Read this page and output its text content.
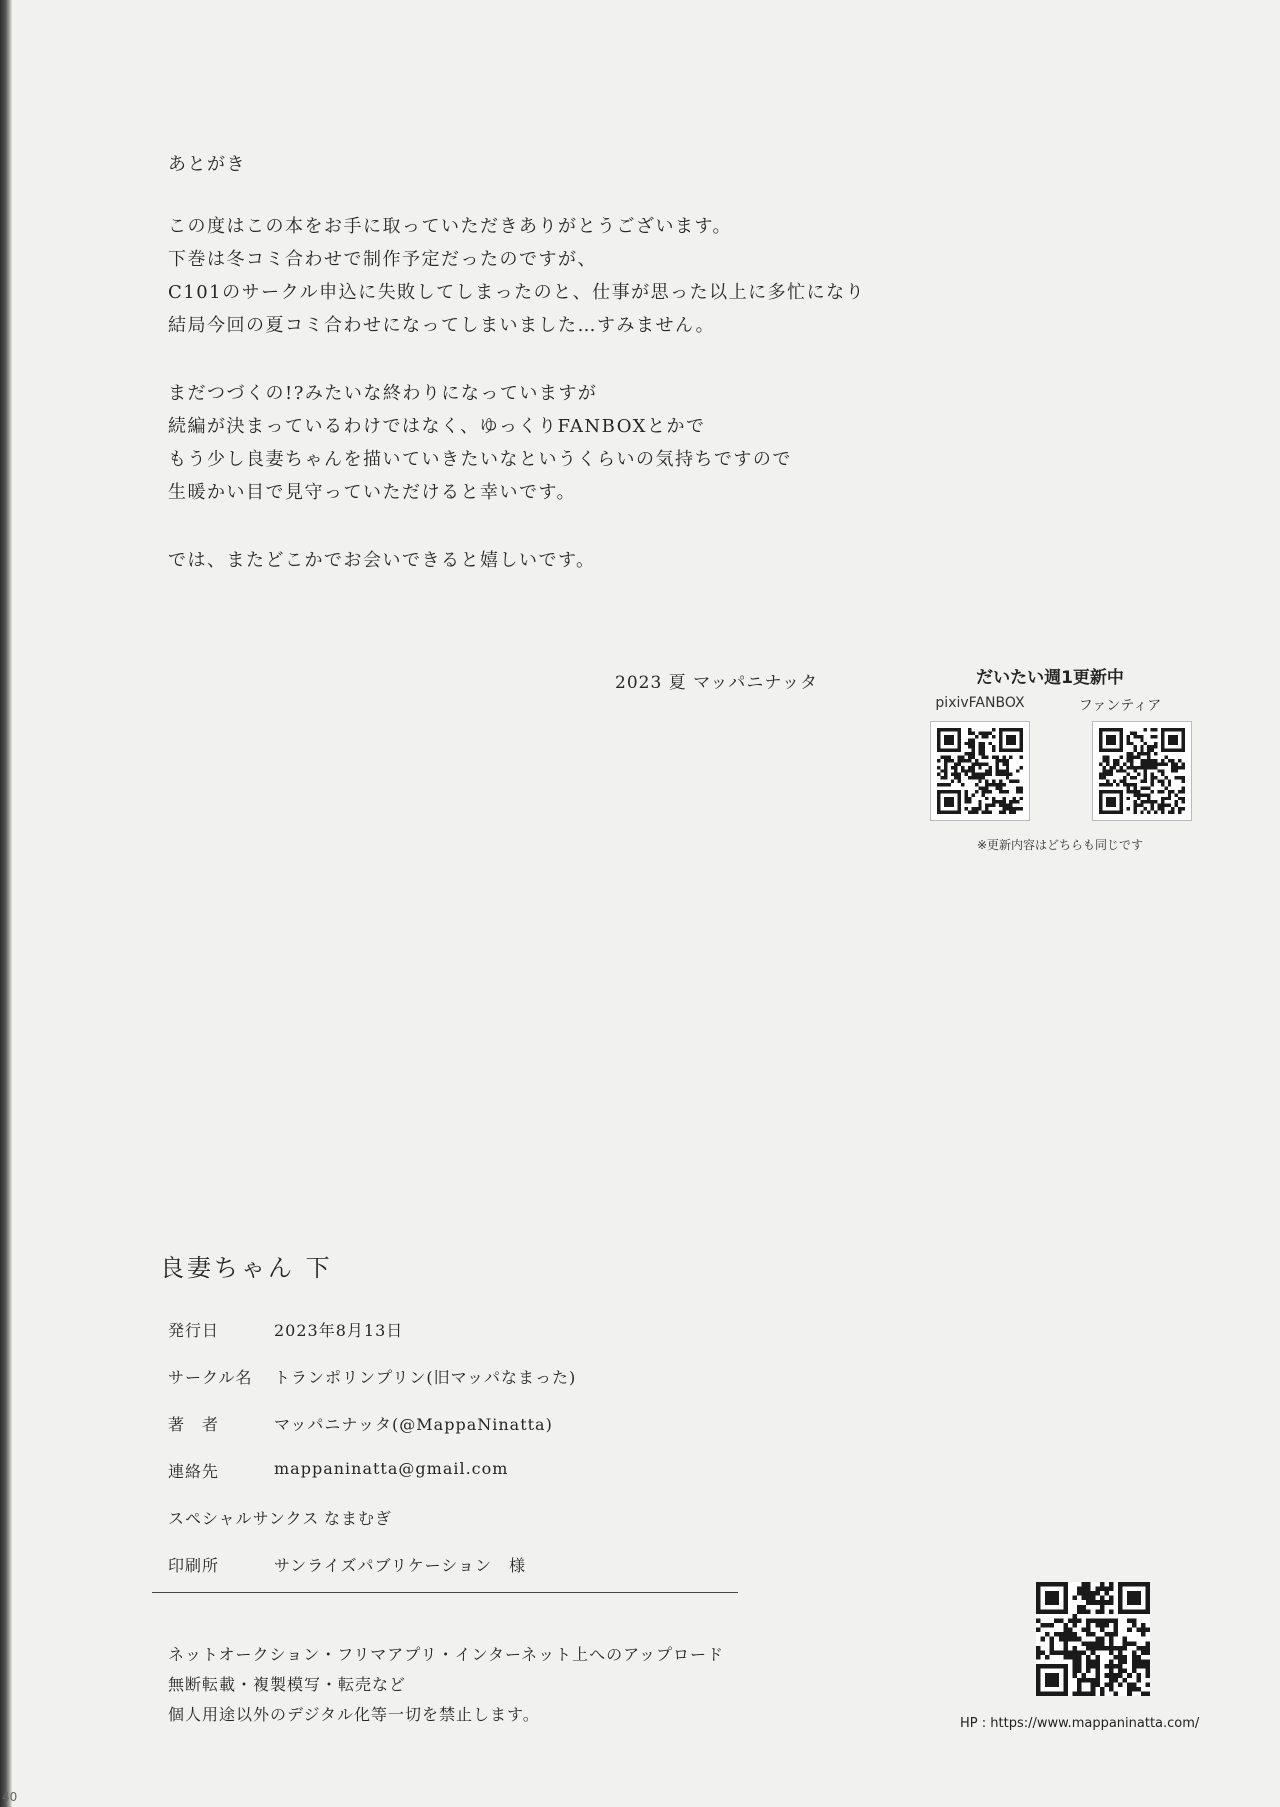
40

あとがき

この度はこの本をお手に取っていただきありがとうございます。

下巻は冬コミ合わせで制作予定だったのですが、

C101のサークル申込に失敗してしまったのと、仕事が思った以上に多忙になり

結局今回の夏コミ合わせになってしまいました…すみません。

まだつづくの!?みたいな終わりになっていますが

続編が決まっているわけではなく、ゆっくりFANBOXとかで

もう少し良妻ちゃんを描いていきたいなというくらいの気持ちですので

生暖かい目で見守っていただけると幸いです。

では、またどこかでお会いできると嬉しいです。

2023 夏 マッパニナッタ	だいたい週1更新中
pixivFANBOX	ファンティア
※更新内容はどちらも同じです
良妻ちゃん 下
発行日	2023年8月13日
サークル名 トランポリンプリン(旧マッパなまった)
著　者	マッパニナッタ(@MappaNinatta)
連絡先	mappaninatta@gmail.com
スペシャルサンクス なまむぎ
印刷所	サンライズパブリケーション　様

ネットオークション・フリマアプリ・インターネット上へのアップロード

無断転載・複製模写・転売など

個人用途以外のデジタル化等一切を禁止します。	HP : https://www.mappaninatta.com/
